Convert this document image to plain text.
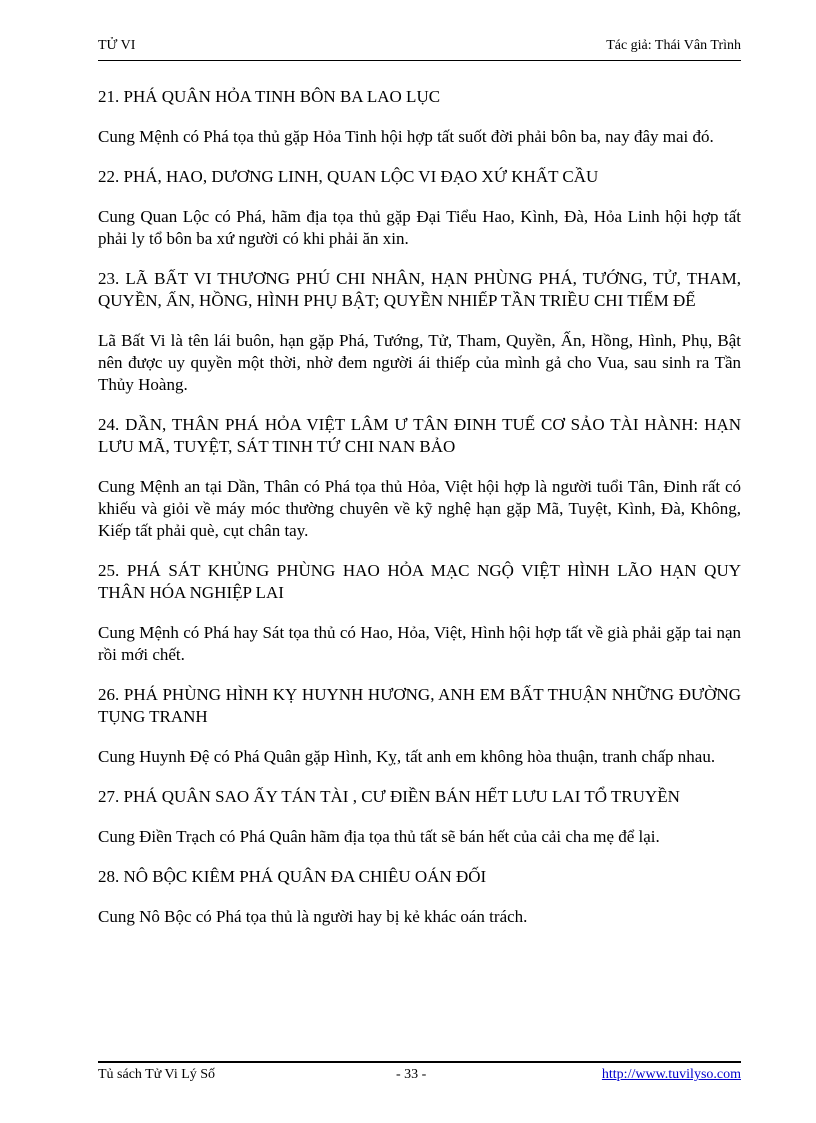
TỬ VI	Tác giả: Thái Vân Trình

21. PHÁ QUÂN HỎA TINH BÔN BA LAO LỤC

Cung Mệnh có Phá tọa thủ gặp Hỏa Tinh hội hợp tất suốt đời phải bôn ba, nay đây mai đó.

22. PHÁ, HAO, DƯƠNG LINH, QUAN LỘC VI ĐẠO XỨ KHẤT CẦU

Cung Quan Lộc có Phá, hãm địa tọa thủ gặp Đại Tiểu Hao, Kình, Đà, Hỏa Linh hội hợp tất phải ly tổ bôn ba xứ người có khi phải ăn xin.

23. LÃ BẤT VI THƯƠNG PHÚ CHI NHÂN, HẠN PHÙNG PHÁ, TƯỚNG, TỬ, THAM, QUYỀN, ẤN, HỒNG, HÌNH PHỤ BẬT; QUYỀN NHIẾP TẦN TRIỀU CHI TIẾM ĐẾ

Lã Bất Vi là tên lái buôn, hạn gặp Phá, Tướng, Tử, Tham, Quyền, Ấn, Hồng, Hình, Phụ, Bật nên được uy quyền một thời, nhờ đem người ái thiếp của mình gả cho Vua, sau sinh ra Tần Thủy Hoàng.

24. DẦN, THÂN PHÁ HỎA VIỆT LÂM Ư TÂN ĐINH TUẾ CƠ SẢO TÀI HÀNH: HẠN LƯU MÃ, TUYỆT, SÁT TINH TỨ CHI NAN BẢO

Cung Mệnh an tại Dần, Thân có Phá tọa thủ Hỏa, Việt hội hợp là người tuổi Tân, Đinh rất có khiếu và giỏi về máy móc thường chuyên về kỹ nghệ hạn gặp Mã, Tuyệt, Kình, Đà, Không, Kiếp tất phải què, cụt chân tay.

25. PHÁ SÁT KHỦNG PHÙNG HAO HỎA MẠC NGỘ VIỆT HÌNH LÃO HẠN QUY THÂN HÓA NGHIỆP LAI

Cung Mệnh có Phá hay Sát tọa thủ có Hao, Hỏa, Việt, Hình hội hợp tất về già phải gặp tai nạn rồi mới chết.

26. PHÁ PHÙNG HÌNH KỴ HUYNH HƯƠNG, ANH EM BẤT THUẬN NHỮNG ĐƯỜNG TỤNG TRANH

Cung Huynh Đệ có Phá Quân gặp Hình, Kỵ, tất anh em không hòa thuận, tranh chấp nhau.

27. PHÁ QUÂN SAO ẤY TÁN TÀI , CƯ ĐIỀN BÁN HẾT LƯU LAI TỔ TRUYỀN

Cung Điền Trạch có Phá Quân hãm địa tọa thủ tất sẽ bán hết của cải cha mẹ để lại.

28. NÔ BỘC KIÊM PHÁ QUÂN ĐA CHIÊU OÁN ĐỐI

Cung Nô Bộc có Phá tọa thủ là người hay bị kẻ khác oán trách.

Tủ sách Tử Vi Lý Số	- 33 -	http://www.tuvilyso.com
